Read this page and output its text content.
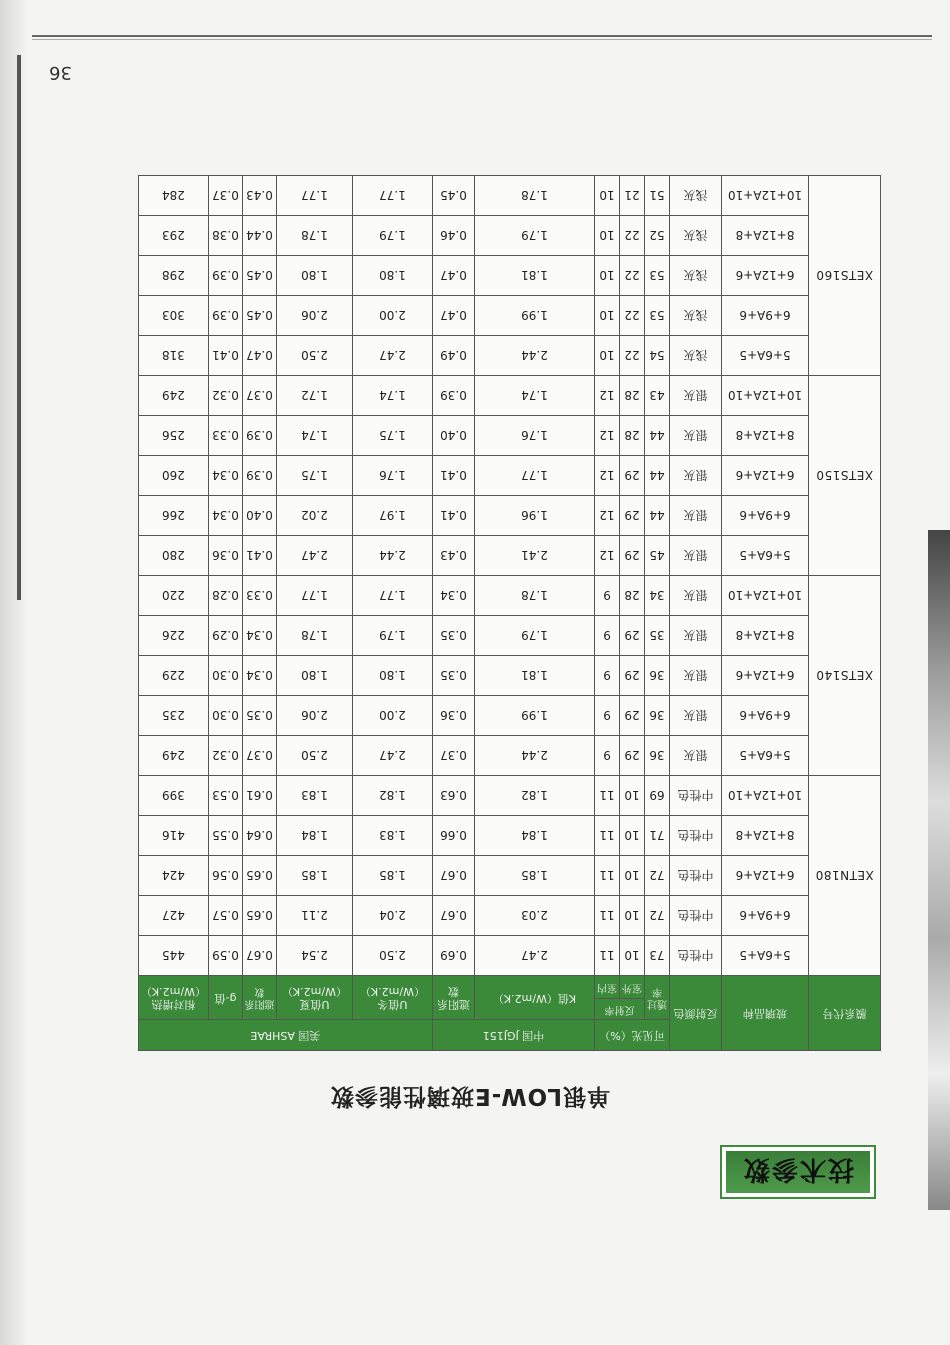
36
技术参数
单银LOW-E玻璃性能参数
膜系代号	玻璃品种	反射颜色	可见光（%）			中国 JGJ151		美国 ASHRAE				
			透过率	反射率		K值（W/m2.K）	遮阳系数	U值冬（W/m2.K）	U值夏（W/m2.K）	遮阳系数	g-值	相对增热（W/m2.K）
				室外	室内							
XETN180	5+6A+5	中性色	73	10	11	2.47	0.69	2.50	2.54	0.67	0.59	445
	6+9A+6	中性色	72	10	11	2.03	0.67	2.04	2.11	0.65	0.57	427
	6+12A+6	中性色	72	10	11	1.85	0.67	1.85	1.85	0.65	0.56	424
	8+12A+8	中性色	71	10	11	1.84	0.66	1.83	1.84	0.64	0.55	416
	10+12A+10	中性色	69	10	11	1.82	0.63	1.82	1.83	0.61	0.53	399
XETS140	5+6A+5	银灰	36	29	9	2.44	0.37	2.47	2.50	0.37	0.32	249
	6+9A+6	银灰	36	29	9	1.99	0.36	2.00	2.06	0.35	0.30	235
	6+12A+6	银灰	36	29	9	1.81	0.35	1.80	1.80	0.34	0.30	229
	8+12A+8	银灰	35	29	9	1.79	0.35	1.79	1.78	0.34	0.29	226
	10+12A+10	银灰	34	28	9	1.78	0.34	1.77	1.77	0.33	0.28	220
XETS150	5+6A+5	银灰	45	29	12	2.41	0.43	2.44	2.47	0.41	0.36	280
	6+9A+6	银灰	44	29	12	1.96	0.41	1.97	2.02	0.40	0.34	266
	6+12A+6	银灰	44	29	12	1.77	0.41	1.76	1.75	0.39	0.34	260
	8+12A+8	银灰	44	28	12	1.76	0.40	1.75	1.74	0.39	0.33	256
	10+12A+10	银灰	43	28	12	1.74	0.39	1.74	1.72	0.37	0.32	249
XETS160	5+6A+5	浅灰	54	22	10	2.44	0.49	2.47	2.50	0.47	0.41	318
	6+9A+6	浅灰	53	22	10	1.99	0.47	2.00	2.06	0.45	0.39	303
	6+12A+6	浅灰	53	22	10	1.81	0.47	1.80	1.80	0.45	0.39	298
	8+12A+8	浅灰	52	22	10	1.79	0.46	1.79	1.78	0.44	0.38	293
	10+12A+10	浅灰	51	21	10	1.78	0.45	1.77	1.77	0.43	0.37	284
